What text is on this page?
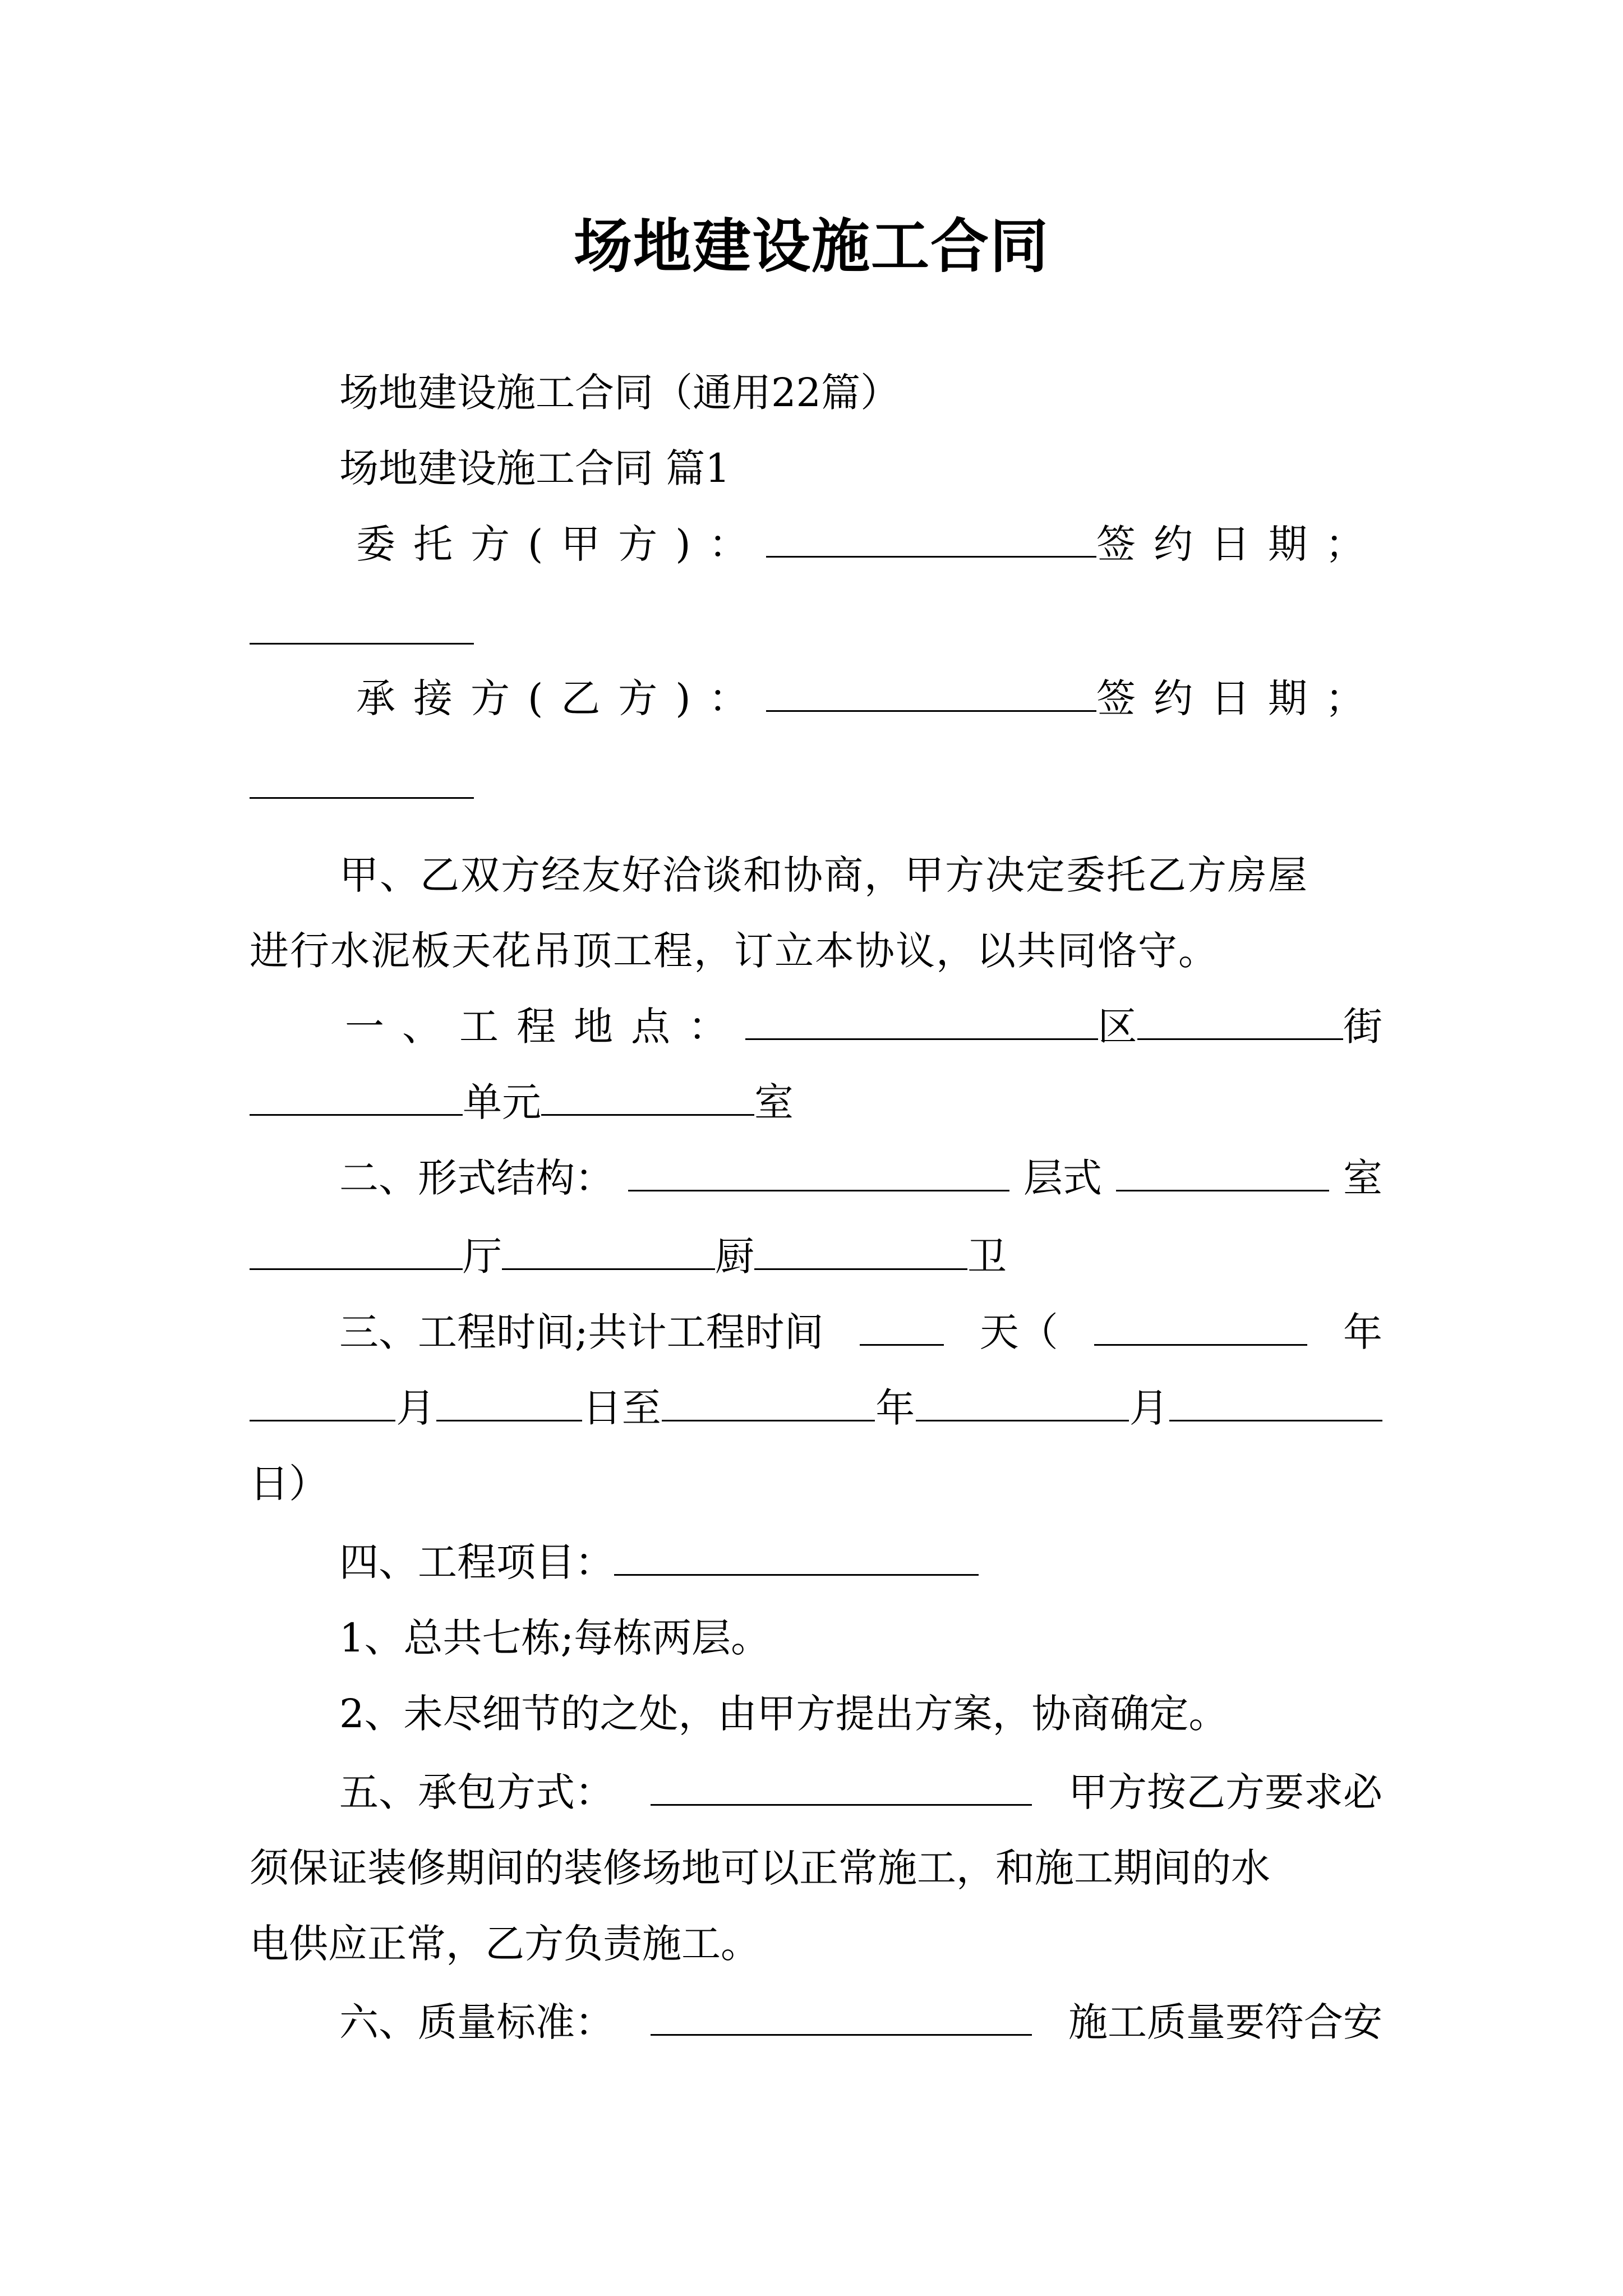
场地建设施工合同
场地建设施工合同（通用22篇）
场地建设施工合同 篇1
委托方(甲方)：	签约日期；
承接方(乙方)：	签约日期；
甲、乙双方经友好洽谈和协商，甲方决定委托乙方房屋
进行水泥板天花吊顶工程，订立本协议，以共同恪守。
一、工程地点：	区	街
单元	室
二、形式结构：	层式	室
厅	厨	卫
三、工程时间;共计工程时间	天（	年
月	日至	年	月
日）
四、工程项目：
1、总共七栋;每栋两层。
2、未尽细节的之处，由甲方提出方案，协商确定。
五、承包方式：	甲方按乙方要求必
须保证装修期间的装修场地可以正常施工，和施工期间的水
电供应正常，乙方负责施工。
六、质量标准：	施工质量要符合安
